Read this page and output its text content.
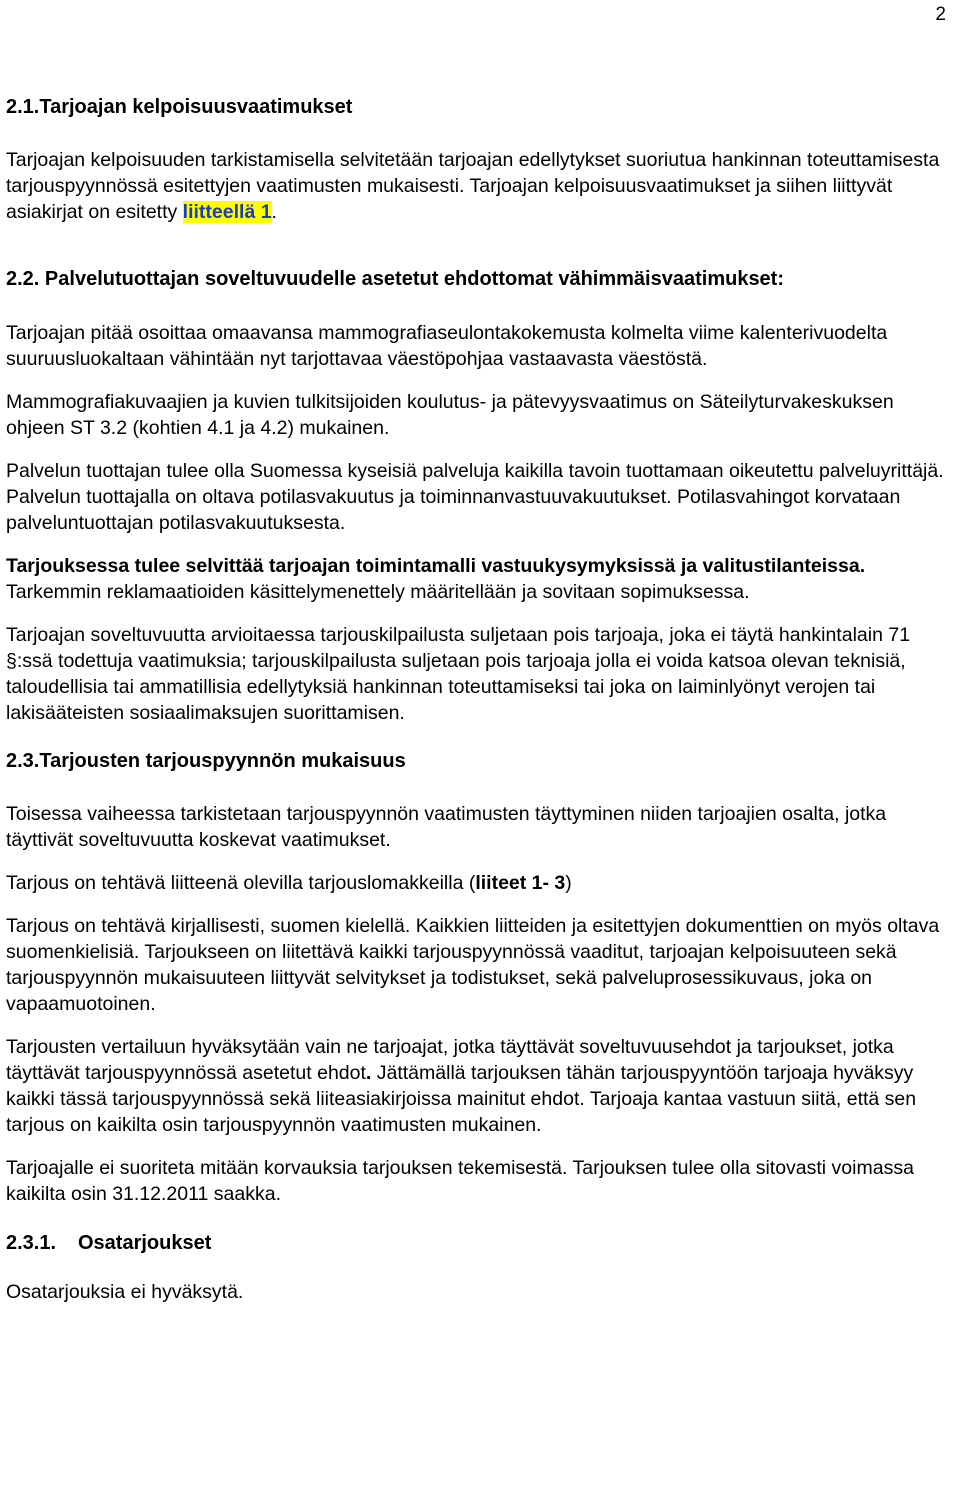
2
2.1.Tarjoajan kelpoisuusvaatimukset

Tarjoajan kelpoisuuden tarkistamisella selvitetään tarjoajan edellytykset suoriutua hankinnan toteuttamisesta tarjouspyynnössä esitettyjen vaatimusten mukaisesti. Tarjoajan kelpoisuusvaatimukset ja siihen liittyvät asiakirjat on esitetty liitteellä 1.

2.2. Palvelutuottajan soveltuvuudelle asetetut ehdottomat vähimmäisvaatimukset:

Tarjoajan pitää osoittaa omaavansa mammografiaseulontakokemusta kolmelta viime kalenterivuodelta suuruusluokaltaan vähintään nyt tarjottavaa väestöpohjaa vastaavasta väestöstä.

Mammografiakuvaajien ja kuvien tulkitsijoiden koulutus- ja pätevyysvaatimus on Säteilyturvakeskuksen ohjeen ST 3.2 (kohtien 4.1 ja 4.2) mukainen.

Palvelun tuottajan tulee olla Suomessa kyseisiä palveluja kaikilla tavoin tuottamaan oikeutettu palveluyrittäjä. Palvelun tuottajalla on oltava potilasvakuutus ja toiminnanvastuuvakuutukset. Potilasvahingot korvataan palveluntuottajan potilasvakuutuksesta.

Tarjouksessa tulee selvittää tarjoajan toimintamalli vastuukysymyksissä ja valitustilanteissa. Tarkemmin reklamaatioiden käsittelymenettely määritellään ja sovitaan sopimuksessa.

Tarjoajan soveltuvuutta arvioitaessa tarjouskilpailusta suljetaan pois tarjoaja, joka ei täytä hankintalain 71 §:ssä todettuja vaatimuksia; tarjouskilpailusta suljetaan pois tarjoaja jolla ei voida katsoa olevan teknisiä, taloudellisia tai ammatillisia edellytyksiä hankinnan toteuttamiseksi tai joka on laiminlyönyt verojen tai lakisääteisten sosiaalimaksujen suorittamisen.

2.3.Tarjousten tarjouspyynnön mukaisuus

Toisessa vaiheessa tarkistetaan tarjouspyynnön vaatimusten täyttyminen niiden tarjoajien osalta, jotka täyttivät soveltuvuutta koskevat vaatimukset.

Tarjous on tehtävä liitteenä olevilla tarjouslomakkeilla (liiteet 1- 3)

Tarjous on tehtävä kirjallisesti, suomen kielellä. Kaikkien liitteiden ja esitettyjen dokumenttien on myös oltava suomenkielisiä. Tarjoukseen on liitettävä kaikki tarjouspyynnössä vaaditut, tarjoajan kelpoisuuteen sekä tarjouspyynnön mukaisuuteen liittyvät selvitykset ja todistukset, sekä palveluprosessikuvaus, joka on vapaamuotoinen.

Tarjousten vertailuun hyväksytään vain ne tarjoajat, jotka täyttävät soveltuvuusehdot ja tarjoukset, jotka täyttävät tarjouspyynnössä asetetut ehdot. Jättämällä tarjouksen tähän tarjouspyyntöön tarjoaja hyväksyy kaikki tässä tarjouspyynnössä sekä liiteasiakirjoissa mainitut ehdot. Tarjoaja kantaa vastuun siitä, että sen tarjous on kaikilta osin tarjouspyynnön vaatimusten mukainen.

Tarjoajalle ei suoriteta mitään korvauksia tarjouksen tekemisestä. Tarjouksen tulee olla sitovasti voimassa kaikilta osin 31.12.2011 saakka.

2.3.1. Osatarjoukset

Osatarjouksia ei hyväksytä.
